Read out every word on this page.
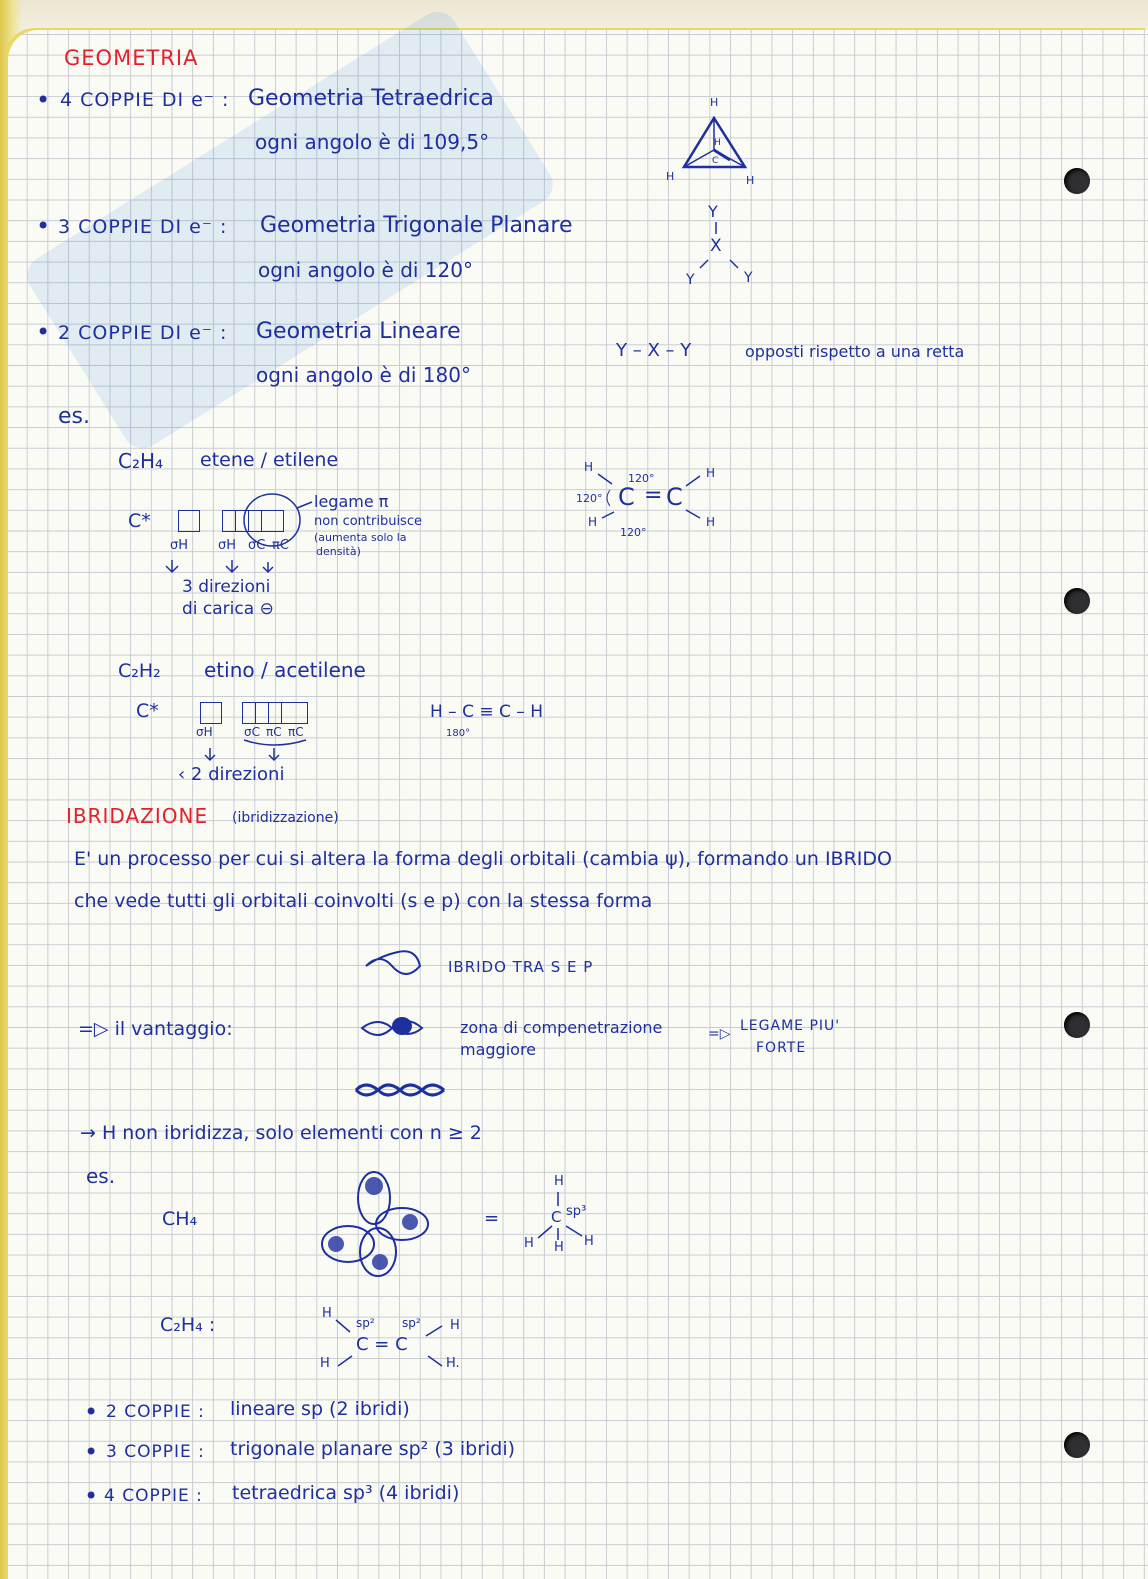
GEOMETRIA
• 4 COPPIE DI e⁻ : Geometria Tetraedrica
ogni angolo è di 109,5°
• 3 COPPIE DI e⁻ : Geometria Trigonale Planare
ogni angolo è di 120°
• 2 COPPIE DI e⁻ : Geometria Lineare
ogni angolo è di 180°
H
H	H
H
C
Y
X
Y	Y
Y – X – Y	opposti rispetto a una retta
es.
C₂H₄ etene / etilene
C*
legame π
non contribuisce
(aumenta solo la
densità)
σH σH σC πC
3 direzioni
di carica ⊖
C = C
H	H
H	H
120°
120°
120°
C₂H₂ etino / acetilene
C*
σH	σC πC πC
‹ 2 direzioni
H – C ≡ C – H
180°
IBRIDAZIONE (ibridizzazione)
E' un processo per cui si altera la forma degli orbitali (cambia ψ), formando un IBRIDO
che vede tutti gli orbitali coinvolti (s e p) con la stessa forma
IBRIDO TRA S E P
=▷ il vantaggio:	zona di compenetrazione
maggiore
=▷ LEGAME PIU'
FORTE
→ H non ibridizza, solo elementi con n ≥ 2
es.
CH₄	=
H
C sp³
H H H
C₂H₄ :
H
sp² sp² H
C = C
H	H.
• 2 COPPIE : lineare sp (2 ibridi)
• 3 COPPIE : trigonale planare sp² (3 ibridi)
• 4 COPPIE : tetraedrica sp³ (4 ibridi)
